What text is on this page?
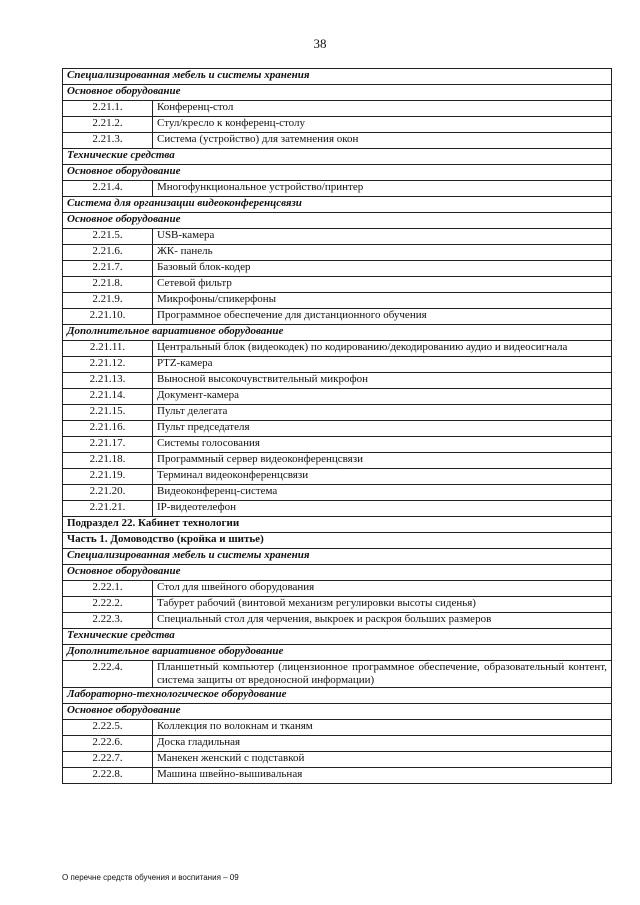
38
Специализированная мебель и системы хранения	
Основное оборудование	
2.21.1.	Конференц-стол
2.21.2.	Стул/кресло к конференц-столу
2.21.3.	Система (устройство) для затемнения окон
Технические средства	
Основное оборудование	
2.21.4.	Многофункциональное устройство/принтер
Система для организации видеоконференцсвязи	
Основное оборудование	
2.21.5.	USB-камера
2.21.6.	ЖК- панель
2.21.7.	Базовый блок-кодер
2.21.8.	Сетевой фильтр
2.21.9.	Микрофоны/спикерфоны
2.21.10.	Программное обеспечение для дистанционного обучения
Дополнительное вариативное оборудование	
2.21.11.	Центральный блок (видеокодек) по кодированию/декодированию аудио и видеосигнала
2.21.12.	PTZ-камера
2.21.13.	Выносной высокочувствительный микрофон
2.21.14.	Документ-камера
2.21.15.	Пульт делегата
2.21.16.	Пульт председателя
2.21.17.	Системы голосования
2.21.18.	Программный сервер видеоконференцсвязи
2.21.19.	Терминал видеоконференцсвязи
2.21.20.	Видеоконференц-система
2.21.21.	IP-видеотелефон
Подраздел 22. Кабинет технологии	
Часть 1. Домоводство (кройка и шитье)	
Специализированная мебель и системы хранения	
Основное оборудование	
2.22.1.	Стол для швейного оборудования
2.22.2.	Табурет рабочий (винтовой механизм регулировки высоты сиденья)
2.22.3.	Специальный стол для черчения, выкроек и раскроя больших размеров
Технические средства	
Дополнительное вариативное оборудование	
2.22.4.	Планшетный компьютер (лицензионное программное обеспечение, образовательный контент, система защиты от вредоносной информации)
Лабораторно-технологическое оборудование	
Основное оборудование	
2.22.5.	Коллекция по волокнам и тканям
2.22.6.	Доска гладильная
2.22.7.	Манекен женский с подставкой
2.22.8.	Машина швейно-вышивальная
О перечне средств обучения и воспитания – 09
